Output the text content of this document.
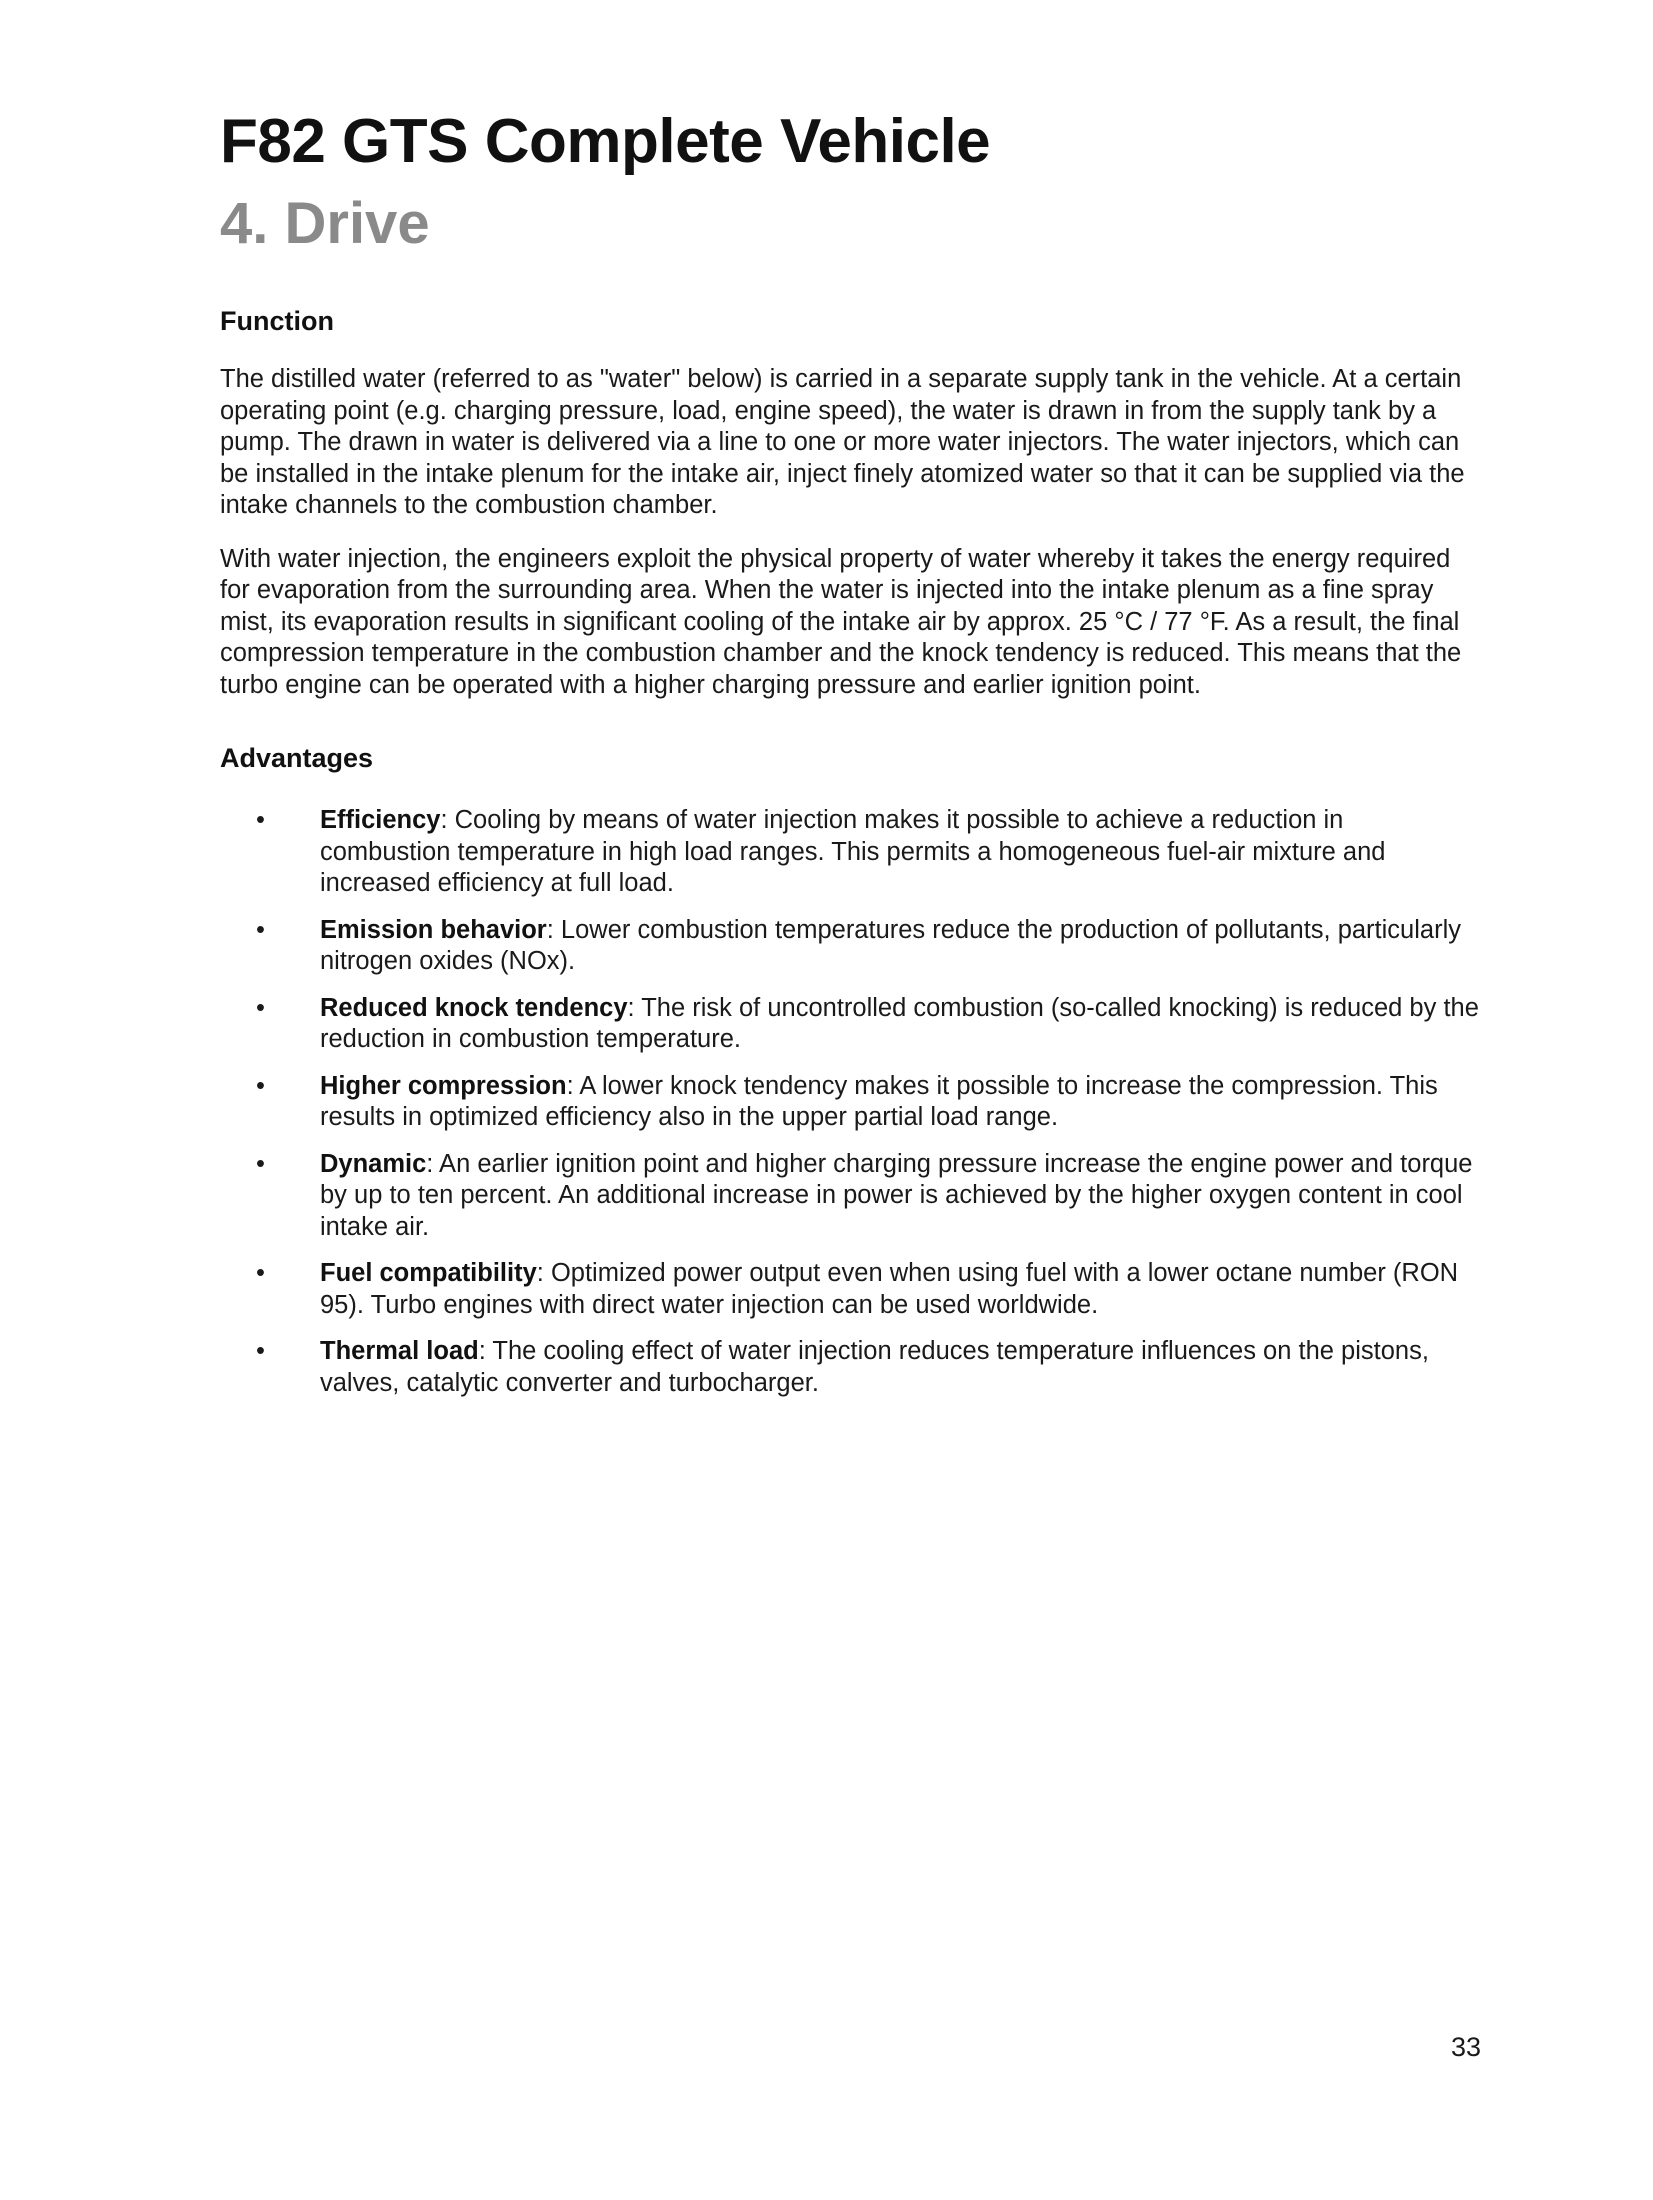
F82 GTS Complete Vehicle
4. Drive
Function

The distilled water (referred to as "water" below) is carried in a separate supply tank in the vehicle. At a certain operating point (e.g. charging pressure, load, engine speed), the water is drawn in from the supply tank by a pump. The drawn in water is delivered via a line to one or more water injectors. The water injectors, which can be installed in the intake plenum for the intake air, inject finely atomized water so that it can be supplied via the intake channels to the combustion chamber.

With water injection, the engineers exploit the physical property of water whereby it takes the energy required for evaporation from the surrounding area. When the water is injected into the intake plenum as a fine spray mist, its evaporation results in significant cooling of the intake air by approx. 25 °C / 77 °F. As a result, the final compression temperature in the combustion chamber and the knock tendency is reduced. This means that the turbo engine can be operated with a higher charging pressure and earlier ignition point.

Advantages
• Efficiency: Cooling by means of water injection makes it possible to achieve a reduction in combustion temperature in high load ranges. This permits a homogeneous fuel-air mixture and increased efficiency at full load.
• Emission behavior: Lower combustion temperatures reduce the production of pollutants, particularly nitrogen oxides (NOx).
• Reduced knock tendency: The risk of uncontrolled combustion (so-called knocking) is reduced by the reduction in combustion temperature.
• Higher compression: A lower knock tendency makes it possible to increase the compression. This results in optimized efficiency also in the upper partial load range.
• Dynamic: An earlier ignition point and higher charging pressure increase the engine power and torque by up to ten percent. An additional increase in power is achieved by the higher oxygen content in cool intake air.
• Fuel compatibility: Optimized power output even when using fuel with a lower octane number (RON 95). Turbo engines with direct water injection can be used worldwide.
• Thermal load: The cooling effect of water injection reduces temperature influences on the pistons, valves, catalytic converter and turbocharger.
33
